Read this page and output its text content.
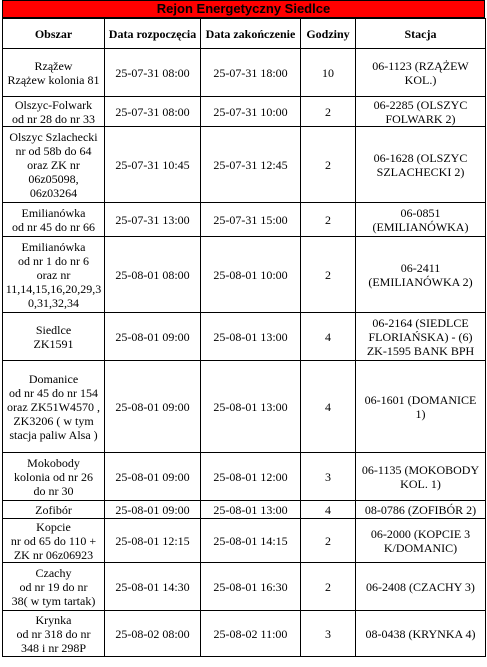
Rejon Energetyczny Siedlce
Obszar	Data rozpoczęcia	Data zakończenie	Godziny	Stacja
Rząžew
Rzążew kolonia 81	25-07-31 08:00	25-07-31 18:00	10	06-1123 (RZĄŻEW
KOL.)
Olszyc-Folwark
od nr 28 do nr 33	25-07-31 08:00	25-07-31 10:00	2	06-2285 (OLSZYC
FOLWARK 2)
Olszyc Szlachecki
nr od 58b do 64
oraz ZK nr
06z05098,
06z03264	25-07-31 10:45	25-07-31 12:45	2	06-1628 (OLSZYC
SZLACHECKI 2)
Emilianówka
od nr 45 do nr 66	25-07-31 13:00	25-07-31 15:00	2	06-0851
(EMILIANÓWKA)
Emilianówka
od nr 1 do nr 6
oraz nr
11,14,15,16,20,29,3
0,31,32,34	25-08-01 08:00	25-08-01 10:00	2	06-2411
(EMILIANÓWKA 2)
Siedlce
ZK1591	25-08-01 09:00	25-08-01 13:00	4	06-2164 (SIEDLCE
FLORIAŃSKA) - (6)
ZK-1595 BANK BPH
Domanice
od nr 45 do nr 154
oraz ZK51W4570 ,
ZK3206 ( w tym
stacja paliw Alsa )	25-08-01 09:00	25-08-01 13:00	4	06-1601 (DOMANICE
1)
Mokobody
kolonia od nr 26
do nr 30	25-08-01 09:00	25-08-01 12:00	3	06-1135 (MOKOBODY
KOL. 1)
Zofibór	25-08-01 09:00	25-08-01 13:00	4	08-0786 (ZOFIBÓR 2)
Kopcie
nr od 65 do 110 +
ZK nr 06z06923	25-08-01 12:15	25-08-01 14:15	2	06-2000 (KOPCIE 3
K/DOMANIC)
Czachy
od nr 19 do nr
38( w tym tartak)	25-08-01 14:30	25-08-01 16:30	2	06-2408 (CZACHY 3)
Krynka
od nr 318 do nr
348 i nr 298P	25-08-02 08:00	25-08-02 11:00	3	08-0438 (KRYNKA 4)
